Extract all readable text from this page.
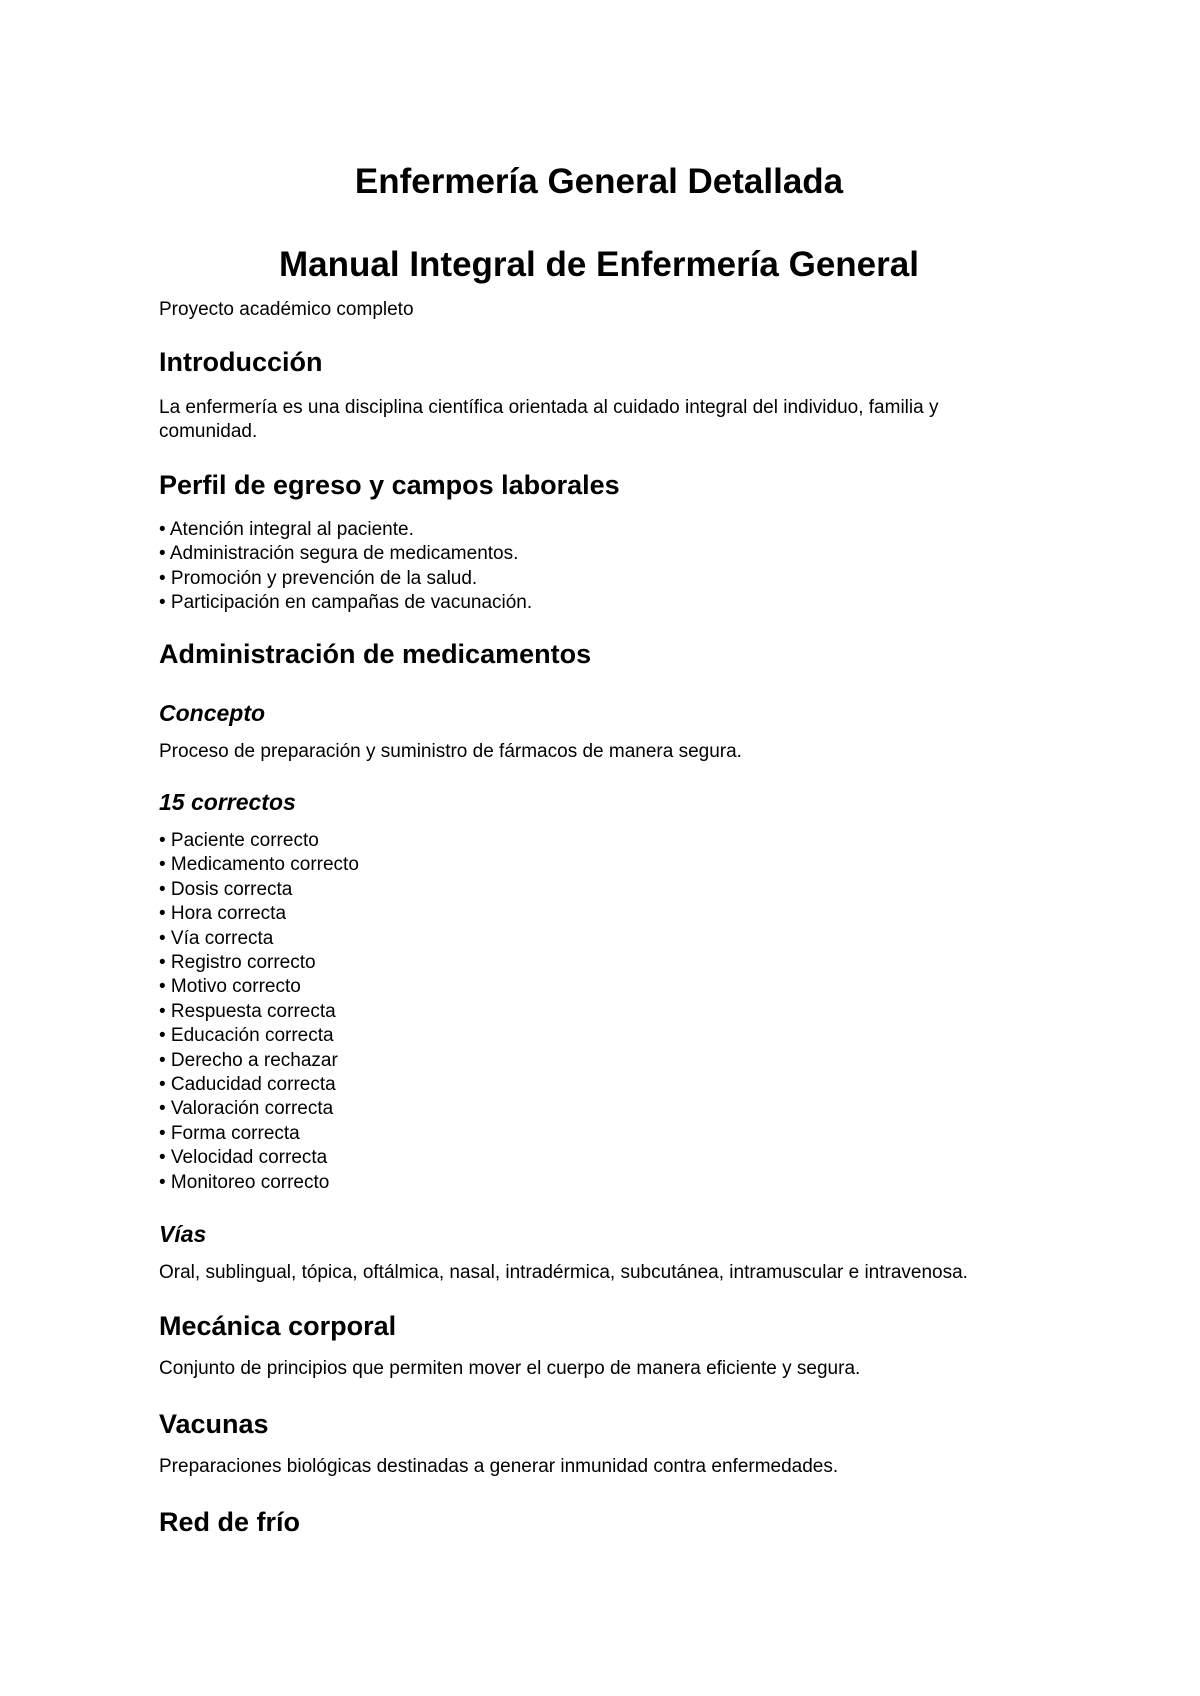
Enfermería General Detallada
Manual Integral de Enfermería General

Proyecto académico completo

Introducción

La enfermería es una disciplina científica orientada al cuidado integral del individuo, familia y comunidad.

Perfil de egreso y campos laborales
• Atención integral al paciente.
• Administración segura de medicamentos.
• Promoción y prevención de la salud.
• Participación en campañas de vacunación.
Administración de medicamentos
Concepto

Proceso de preparación y suministro de fármacos de manera segura.

15 correctos
• Paciente correcto
• Medicamento correcto
• Dosis correcta
• Hora correcta
• Vía correcta
• Registro correcto
• Motivo correcto
• Respuesta correcta
• Educación correcta
• Derecho a rechazar
• Caducidad correcta
• Valoración correcta
• Forma correcta
• Velocidad correcta
• Monitoreo correcto
Vías

Oral, sublingual, tópica, oftálmica, nasal, intradérmica, subcutánea, intramuscular e intravenosa.

Mecánica corporal

Conjunto de principios que permiten mover el cuerpo de manera eficiente y segura.

Vacunas

Preparaciones biológicas destinadas a generar inmunidad contra enfermedades.

Red de frío
